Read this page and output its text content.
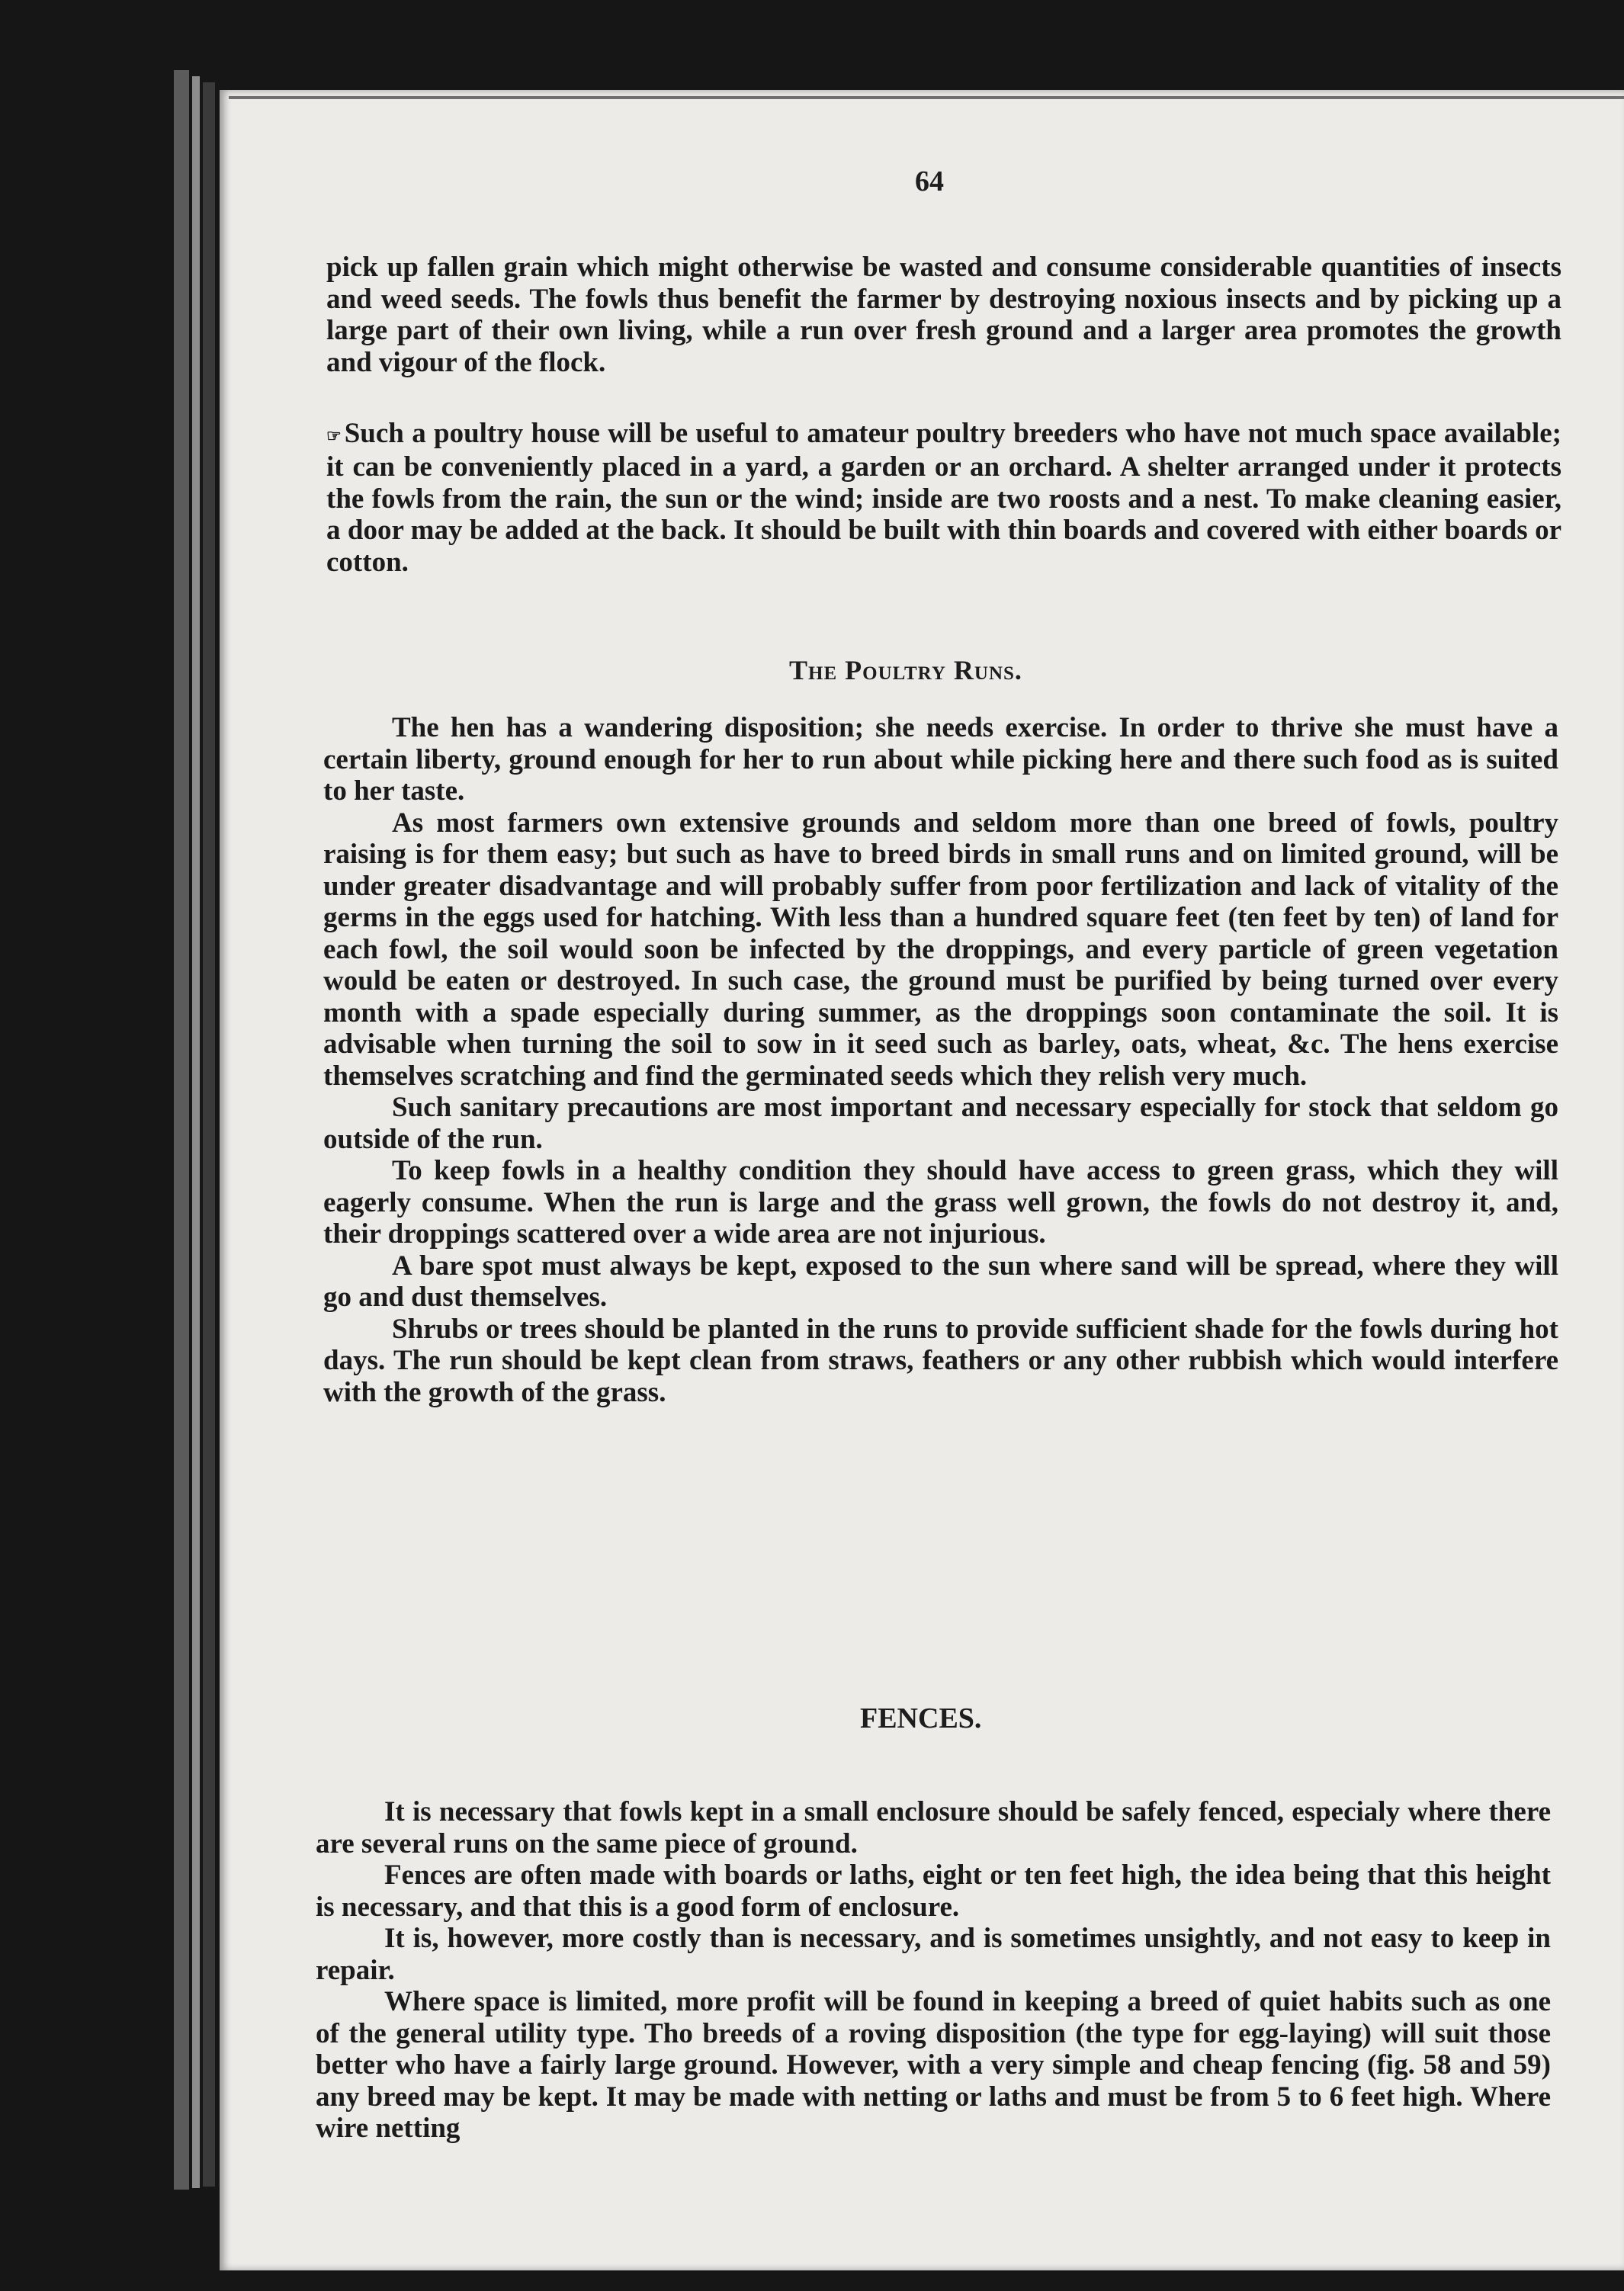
64

pick up fallen grain which might otherwise be wasted and consume considerable quantities of insects and weed seeds. The fowls thus benefit the farmer by destroying noxious insects and by picking up a large part of their own living, while a run over fresh ground and a larger area promotes the growth and vigour of the flock.

☞ Such a poultry house will be useful to amateur poultry breeders who have not much space available; it can be conveniently placed in a yard, a garden or an orchard. A shelter arranged under it protects the fowls from the rain, the sun or the wind; inside are two roosts and a nest. To make cleaning easier, a door may be added at the back. It should be built with thin boards and covered with either boards or cotton.

The Poultry Runs.

The hen has a wandering disposition; she needs exercise. In order to thrive she must have a certain liberty, ground enough for her to run about while picking here and there such food as is suited to her taste.

As most farmers own extensive grounds and seldom more than one breed of fowls, poultry raising is for them easy; but such as have to breed birds in small runs and on limited ground, will be under greater disadvantage and will probably suffer from poor fertilization and lack of vitality of the germs in the eggs used for hatching. With less than a hundred square feet (ten feet by ten) of land for each fowl, the soil would soon be infected by the droppings, and every particle of green vegetation would be eaten or destroyed. In such case, the ground must be purified by being turned over every month with a spade especially during summer, as the droppings soon contaminate the soil. It is advisable when turning the soil to sow in it seed such as barley, oats, wheat, &c. The hens exercise themselves scratching and find the germinated seeds which they relish very much.

Such sanitary precautions are most important and necessary especially for stock that seldom go outside of the run.

To keep fowls in a healthy condition they should have access to green grass, which they will eagerly consume. When the run is large and the grass well grown, the fowls do not destroy it, and, their droppings scattered over a wide area are not injurious.

A bare spot must always be kept, exposed to the sun where sand will be spread, where they will go and dust themselves.

Shrubs or trees should be planted in the runs to provide sufficient shade for the fowls during hot days. The run should be kept clean from straws, feathers or any other rubbish which would interfere with the growth of the grass.

FENCES.

It is necessary that fowls kept in a small enclosure should be safely fenced, especialy where there are several runs on the same piece of ground.

Fences are often made with boards or laths, eight or ten feet high, the idea being that this height is necessary, and that this is a good form of enclosure.

It is, however, more costly than is necessary, and is sometimes unsightly, and not easy to keep in repair.

Where space is limited, more profit will be found in keeping a breed of quiet habits such as one of the general utility type. Tho breeds of a roving disposition (the type for egg-laying) will suit those better who have a fairly large ground. However, with a very simple and cheap fencing (fig. 58 and 59) any breed may be kept. It may be made with netting or laths and must be from 5 to 6 feet high. Where wire netting
